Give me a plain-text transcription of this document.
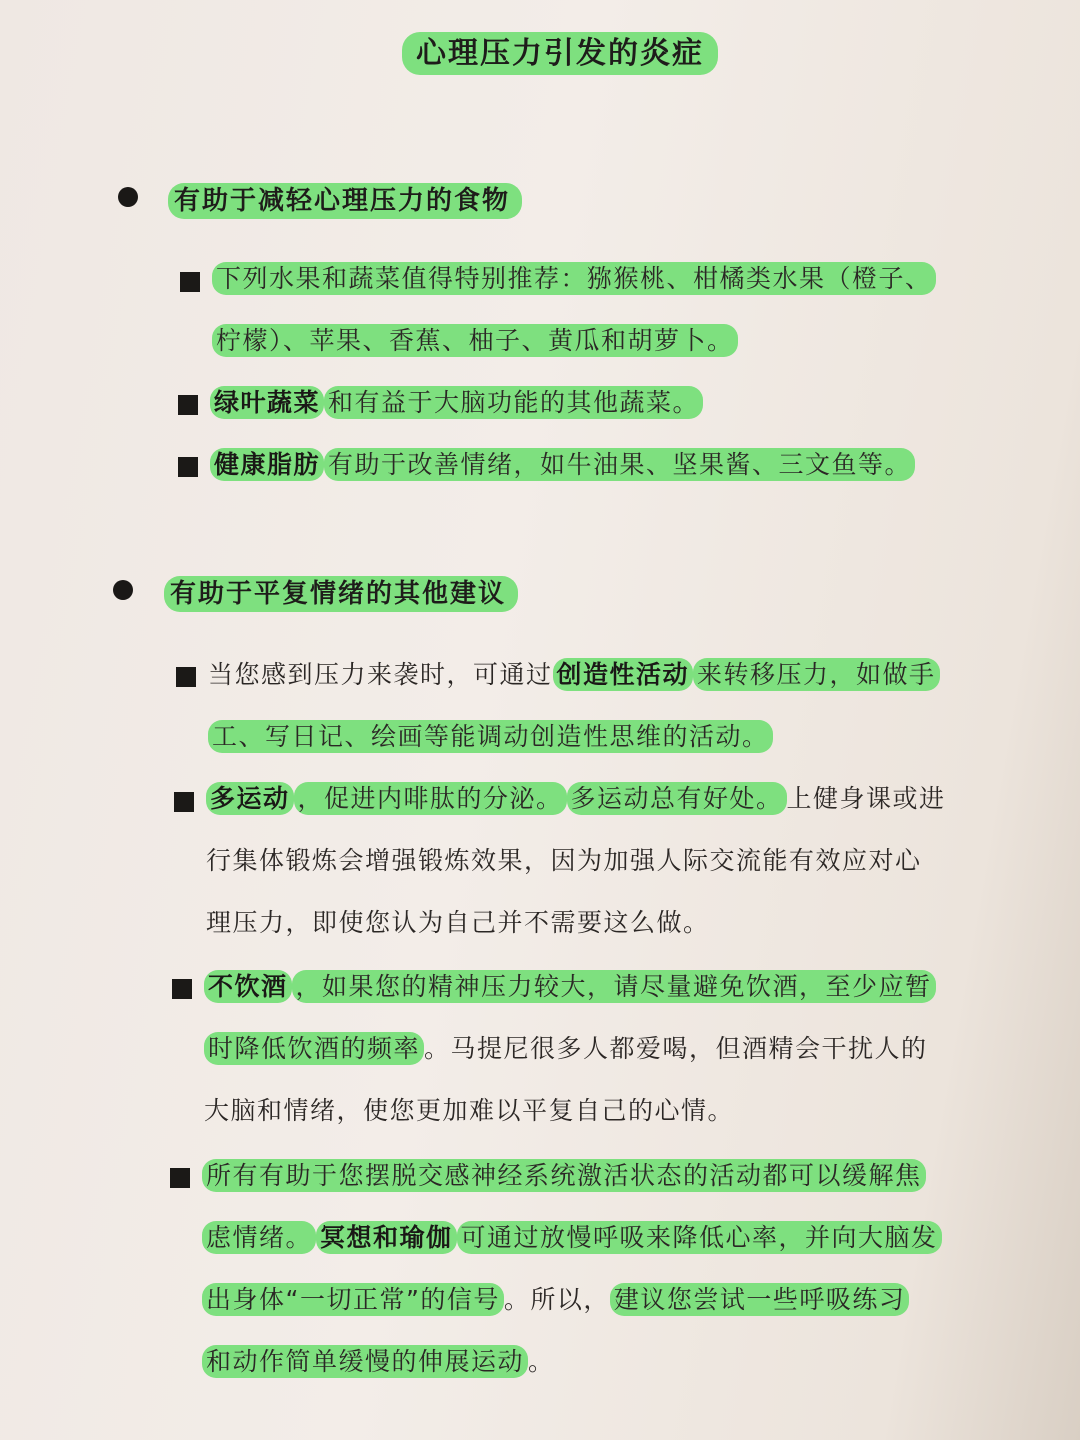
心理压力引发的炎症
有助于减轻心理压力的食物
下列水果和蔬菜值得特别推荐：猕猴桃、柑橘类水果（橙子、
柠檬）、苹果、香蕉、柚子、黄瓜和胡萝卜。
绿叶蔬菜 和有益于大脑功能的其他蔬菜。
健康脂肪 有助于改善情绪，如牛油果、坚果酱、三文鱼等。
有助于平复情绪的其他建议
当您感到压力来袭时，可通过 创造性活动 来转移压力，如做手
工、写日记、绘画等能调动创造性思维的活动。
多运动 ，促进内啡肽的分泌。 多运动总有好处。 上健身课或进
行集体锻炼会增强锻炼效果，因为加强人际交流能有效应对心
理压力，即使您认为自己并不需要这么做。
不饮酒 ，如果您的精神压力较大，请尽量避免饮酒，至少应暂
时降低饮酒的频率 。马提尼很多人都爱喝，但酒精会干扰人的
大脑和情绪，使您更加难以平复自己的心情。
所有有助于您摆脱交感神经系统激活状态的活动都可以缓解焦
虑情绪。 冥想和瑜伽 可通过放慢呼吸来降低心率，并向大脑发
出身体“一切正常”的信号 。所以， 建议您尝试一些呼吸练习
和动作简单缓慢的伸展运动 。
